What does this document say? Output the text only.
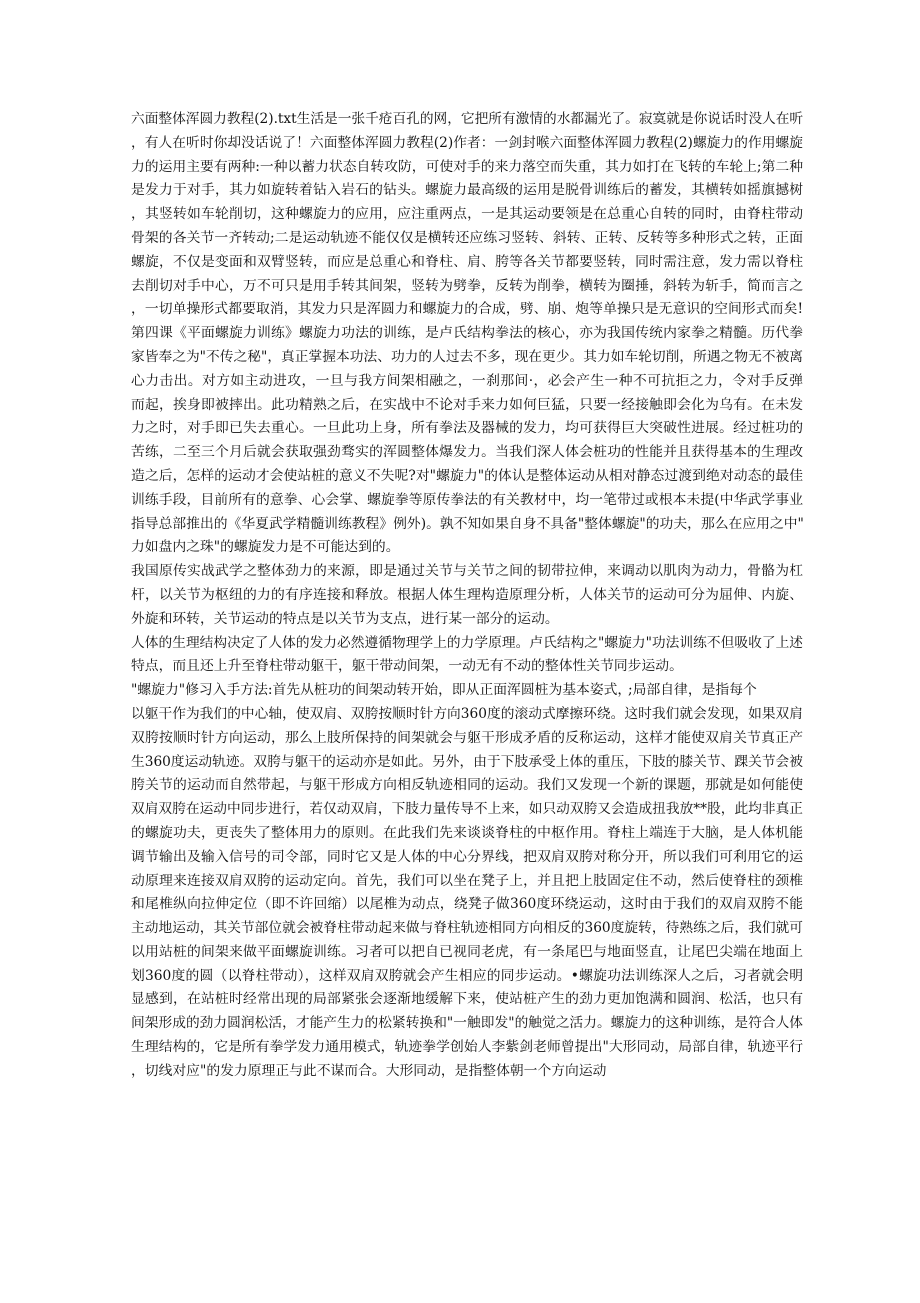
六面整体浑圆力教程(2).txt生活是一张千疮百孔的网，它把所有激情的水都漏光了。寂寞就是你说话时没人在听
，有人在听时你却没话说了！六面整体浑圆力教程(2)作者：一剑封喉六面整体浑圆力教程(2)螺旋力的作用螺旋
力的运用主要有两种:一种以蓄力状态自转攻防，可使对手的来力落空而失重，其力如打在飞转的车轮上;第二种
是发力于对手，其力如旋转着钻入岩石的钻头。螺旋力最高级的运用是脱骨训练后的蓄发，其横转如摇旗撼树
，其竖转如车轮削切，这种螺旋力的应用，应注重两点，一是其运动要领是在总重心自转的同时，由脊柱带动
骨架的各关节一齐转动;二是运动轨迹不能仅仅是横转还应练习竖转、斜转、正转、反转等多种形式之转，正面
螺旋，不仅是变面和双臂竖转，而应是总重心和脊柱、肩、胯等各关节都要竖转，同时需注意，发力需以脊柱
去削切对手中心，万不可只是用手转其间架，竖转为劈拳，反转为削拳，横转为圈捶，斜转为斩手，简而言之
，一切单操形式都要取消，其发力只是浑圆力和螺旋力的合成，劈、崩、炮等单操只是无意识的空间形式而矣!
第四课《平面螺旋力训练》螺旋力功法的训练，是卢氏结构拳法的核心，亦为我国传统内家拳之精髓。历代拳
家皆奉之为"不传之秘"，真正掌握本功法、功力的人过去不多，现在更少。其力如车轮切削，所遇之物无不被离
心力击出。对方如主动进攻，一旦与我方间架相融之，一刹那间·，必会产生一种不可抗拒之力，令对手反弹
而起，挨身即被摔出。此功精熟之后，在实战中不论对手来力如何巨猛，只要一经接触即会化为乌有。在未发
力之时，对手即已失去重心。一旦此功上身，所有拳法及器械的发力，均可获得巨大突破性进展。经过桩功的
苦练，二至三个月后就会获取强劲骛实的浑圆整体爆发力。当我们深人体会桩功的性能并且获得基本的生理改
造之后，怎样的运动才会使站桩的意义不失呢?对"螺旋力"的体认是整体运动从相对静态过渡到绝对动态的最佳
训练手段，目前所有的意拳、心会掌、螺旋拳等原传拳法的有关教材中，均一笔带过或根本未提(中华武学事业
指导总部推出的《华夏武学精髓训练教程》例外)。孰不知如果自身不具备"整体螺旋"的功夫，那么在应用之中"
力如盘内之珠"的螺旋发力是不可能达到的。
我国原传实战武学之整体劲力的来源，即是通过关节与关节之间的韧带拉伸，来调动以肌肉为动力，骨骼为杠
杆，以关节为枢纽的力的有序连接和释放。根据人体生理构造原理分析，人体关节的运动可分为屈伸、内旋、
外旋和环转，关节运动的特点是以关节为支点，进行某一部分的运动。
人体的生理结构决定了人体的发力必然遵循物理学上的力学原理。卢氏结构之"螺旋力"功法训练不但吸收了上述
特点，而且还上升至脊柱带动躯干，躯干带动间架，一动无有不动的整体性关节同步运动。
"螺旋力"修习入手方法:首先从桩功的间架动转开始，即从正面浑圆桩为基本姿式，
;局部自律，是指每个
以躯干作为我们的中心轴，使双肩、双胯按顺时针方向360度的滚动式摩擦环绕。这时我们就会发现，如果双肩
双胯按顺时针方向运动，那么上肢所保持的间架就会与躯干形成矛盾的反称运动，这样才能使双肩关节真正产
生360度运动轨迹。双胯与躯干的运动亦是如此。另外，由于下肢承受上体的重压，下肢的膝关节、踝关节会被
胯关节的运动而自然带起，与躯干形成方向相反轨迹相同的运动。我们又发现一个新的课题，那就是如何能使
双肩双胯在运动中同步进行，若仅动双肩，下肢力量传导不上来，如只动双胯又会造成扭我放**股，此均非真正
的螺旋功夫，更丧失了整体用力的原则。在此我们先来谈谈脊柱的中枢作用。脊柱上端连于大脑，是人体机能
调节输出及输入信号的司令部，同时它又是人体的中心分界线，把双肩双胯对称分开，所以我们可利用它的运
动原理来连接双肩双胯的运动定向。首先，我们可以坐在凳子上，并且把上肢固定住不动，然后使脊柱的颈椎
和尾椎纵向拉伸定位（即不许回缩）以尾椎为动点，绕凳子做360度环绕运动，这时由于我们的双肩双胯不能
主动地运动，其关节部位就会被脊柱带动起来做与脊柱轨迹相同方向相反的360度旋转，待熟练之后，我们就可
以用站桩的间架来做平面螺旋训练。习者可以把自已视同老虎，有一条尾巴与地面竖直，让尾巴尖端在地面上
划360度的圆（以脊柱带动），这样双肩双胯就会产生相应的同步运动。•螺旋功法训练深人之后，习者就会明
显感到，在站桩时经常出现的局部紧张会逐渐地缓解下来，使站桩产生的劲力更加饱满和圆润、松活，也只有
间架形成的劲力圆润松活，才能产生力的松紧转换和"一触即发"的触觉之活力。螺旋力的这种训练，是符合人体
生理结构的，它是所有拳学发力通用模式，轨迹拳学创始人李紫剑老师曾提出"大形同动，局部自律，轨迹平行
，切线对应"的发力原理正与此不谋而合。大形同动，是指整体朝一个方向运动
